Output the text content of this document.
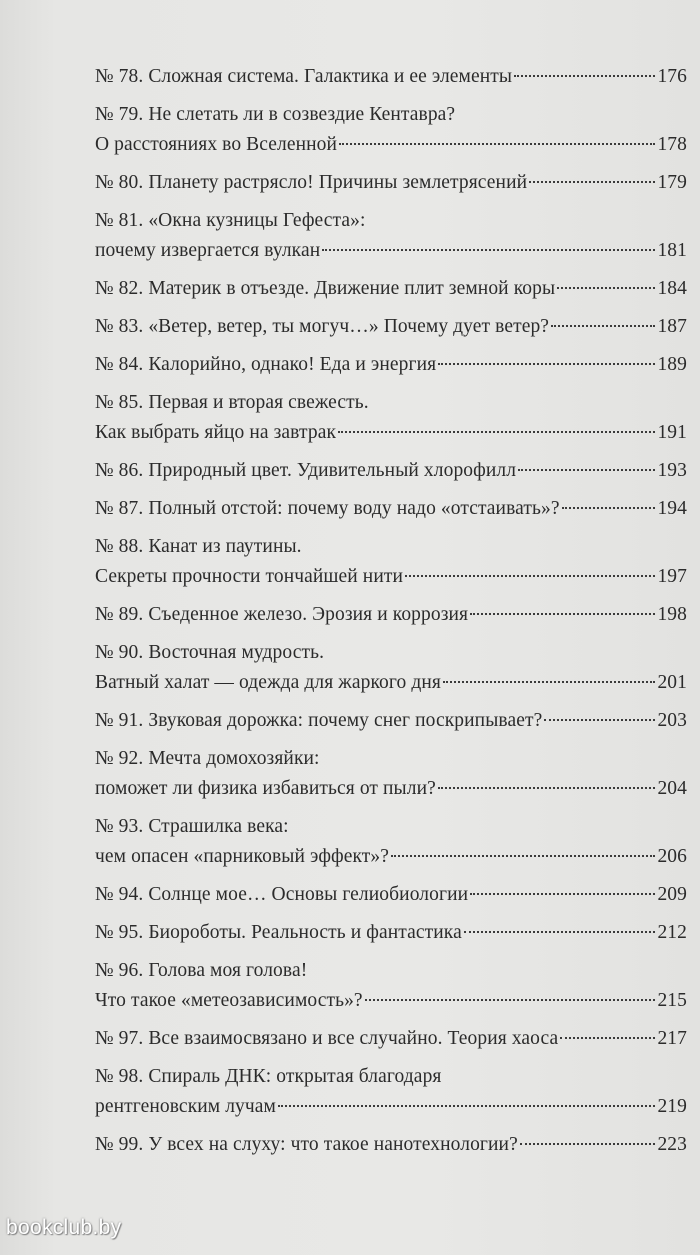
№ 78. Сложная система. Галактика и ее элементы	176
№ 79. Не слетать ли в созвездие Кентавра?
О расстояниях во Вселенной	178
№ 80. Планету растрясло! Причины землетрясений	179
№ 81. «Окна кузницы Гефеста»:
почему извергается вулкан	181
№ 82. Материк в отъезде. Движение плит земной коры	184
№ 83. «Ветер, ветер, ты могуч…» Почему дует ветер?	187
№ 84. Калорийно, однако! Еда и энергия	189
№ 85. Первая и вторая свежесть.
Как выбрать яйцо на завтрак	191
№ 86. Природный цвет. Удивительный хлорофилл	193
№ 87. Полный отстой: почему воду надо «отстаивать»?	194
№ 88. Канат из паутины.
Секреты прочности тончайшей нити	197
№ 89. Съеденное железо. Эрозия и коррозия	198
№ 90. Восточная мудрость.
Ватный халат — одежда для жаркого дня	201
№ 91. Звуковая дорожка: почему снег поскрипывает?	203
№ 92. Мечта домохозяйки:
поможет ли физика избавиться от пыли?	204
№ 93. Страшилка века:
чем опасен «парниковый эффект»?	206
№ 94. Солнце мое… Основы гелиобиологии	209
№ 95. Биороботы. Реальность и фантастика	212
№ 96. Голова моя голова!
Что такое «метеозависимость»?	215
№ 97. Все взаимосвязано и все случайно. Теория хаоса	217
№ 98. Спираль ДНК: открытая благодаря
рентгеновским лучам	219
№ 99. У всех на слуху: что такое нанотехнологии?	223
bookclub.by
